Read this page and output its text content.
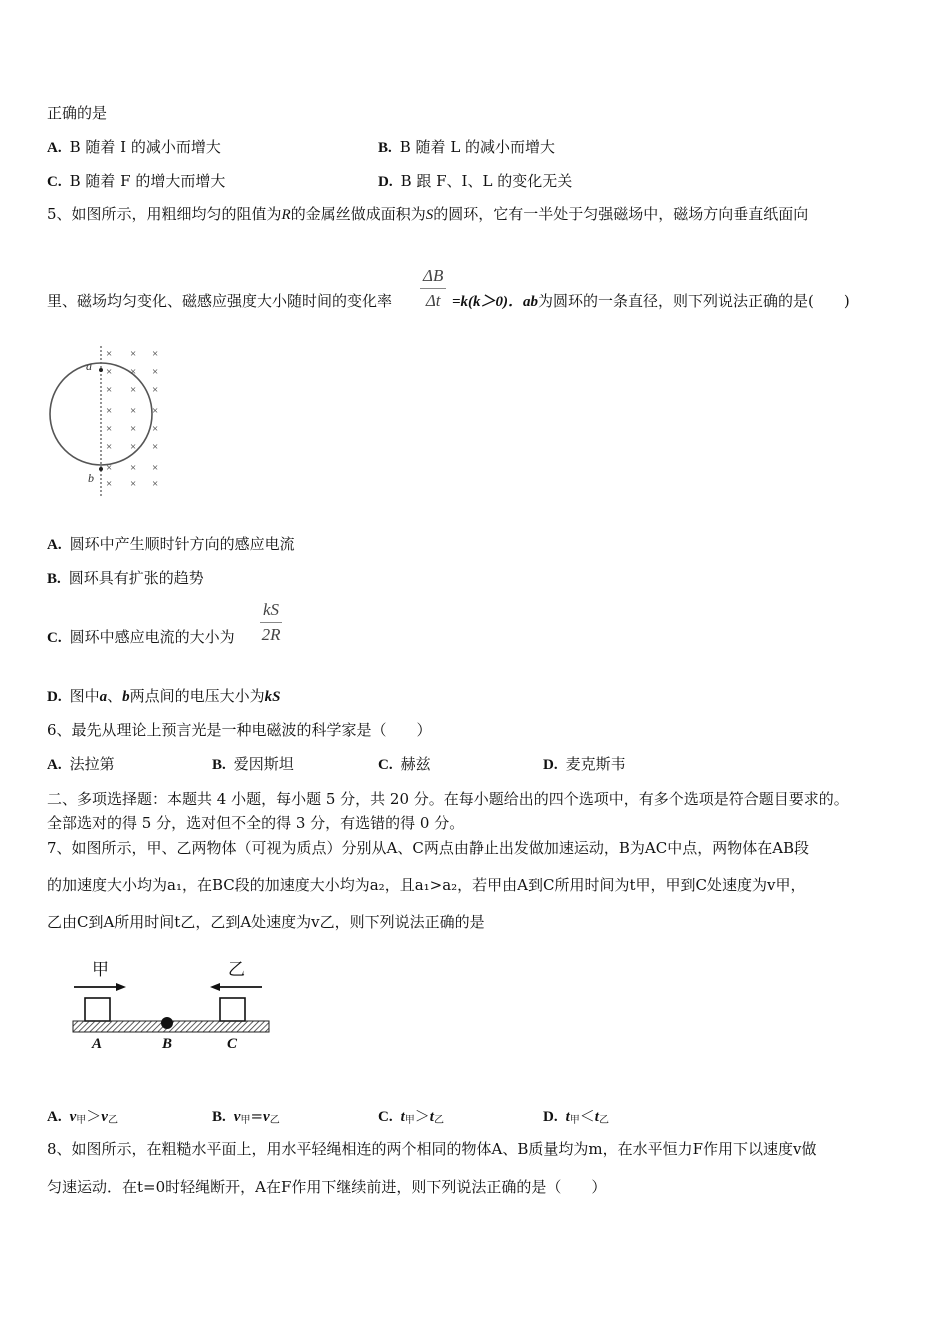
正确的是
A. B 随着 I 的减小而增大	B. B 随着 L 的减小而增大
C. B 随着 F 的增大而增大	D. B 跟 F、I、L 的变化无关
5、如图所示，用粗细均匀的阻值为R的金属丝做成面积为S的圆环，它有一半处于匀强磁场中，磁场方向垂直纸面向
里、磁场均匀变化、磁感应强度大小随时间的变化率 $\frac{\Delta B}{\Delta t} =k(k>0)$．ab为圆环的一条直径，则下列说法正确的是(　　)
a
b
× × ×
× × ×
× × ×
× × ×
× × ×
× × ×
× × ×
× × ×
A. 圆环中产生顺时针方向的感应电流
B. 圆环具有扩张的趋势
C. 圆环中感应电流的大小为 $\frac{kS}{2R}$
D. 图中a、b两点间的电压大小为kS
6、最先从理论上预言光是一种电磁波的科学家是（　　）
A. 法拉第	B. 爱因斯坦	C. 赫兹	D. 麦克斯韦
二、多项选择题：本题共 4 小题，每小题 5 分，共 20 分。在每小题给出的四个选项中，有多个选项是符合题目要求的。
全部选对的得 5 分，选对但不全的得 3 分，有选错的得 0 分。
7、如图所示，甲、乙两物体（可视为质点）分别从A、C两点由静止出发做加速运动，B为AC中点，两物体在AB段
的加速度大小均为a₁，在BC段的加速度大小均为a₂，且a₁>a₂，若甲由A到C所用时间为t甲，甲到C处速度为v甲，
乙由C到A所用时间t乙，乙到A处速度为v乙，则下列说法正确的是
甲	乙
A	B	C
A. $v_甲>v_乙$	B. $v_甲=v_乙$	C. $t_甲>t_乙$	D. $t_甲<t_乙$
8、如图所示，在粗糙水平面上，用水平轻绳相连的两个相同的物体A、B质量均为m，在水平恒力F作用下以速度v做
匀速运动．在t=0时轻绳断开，A在F作用下继续前进，则下列说法正确的是（　　）
